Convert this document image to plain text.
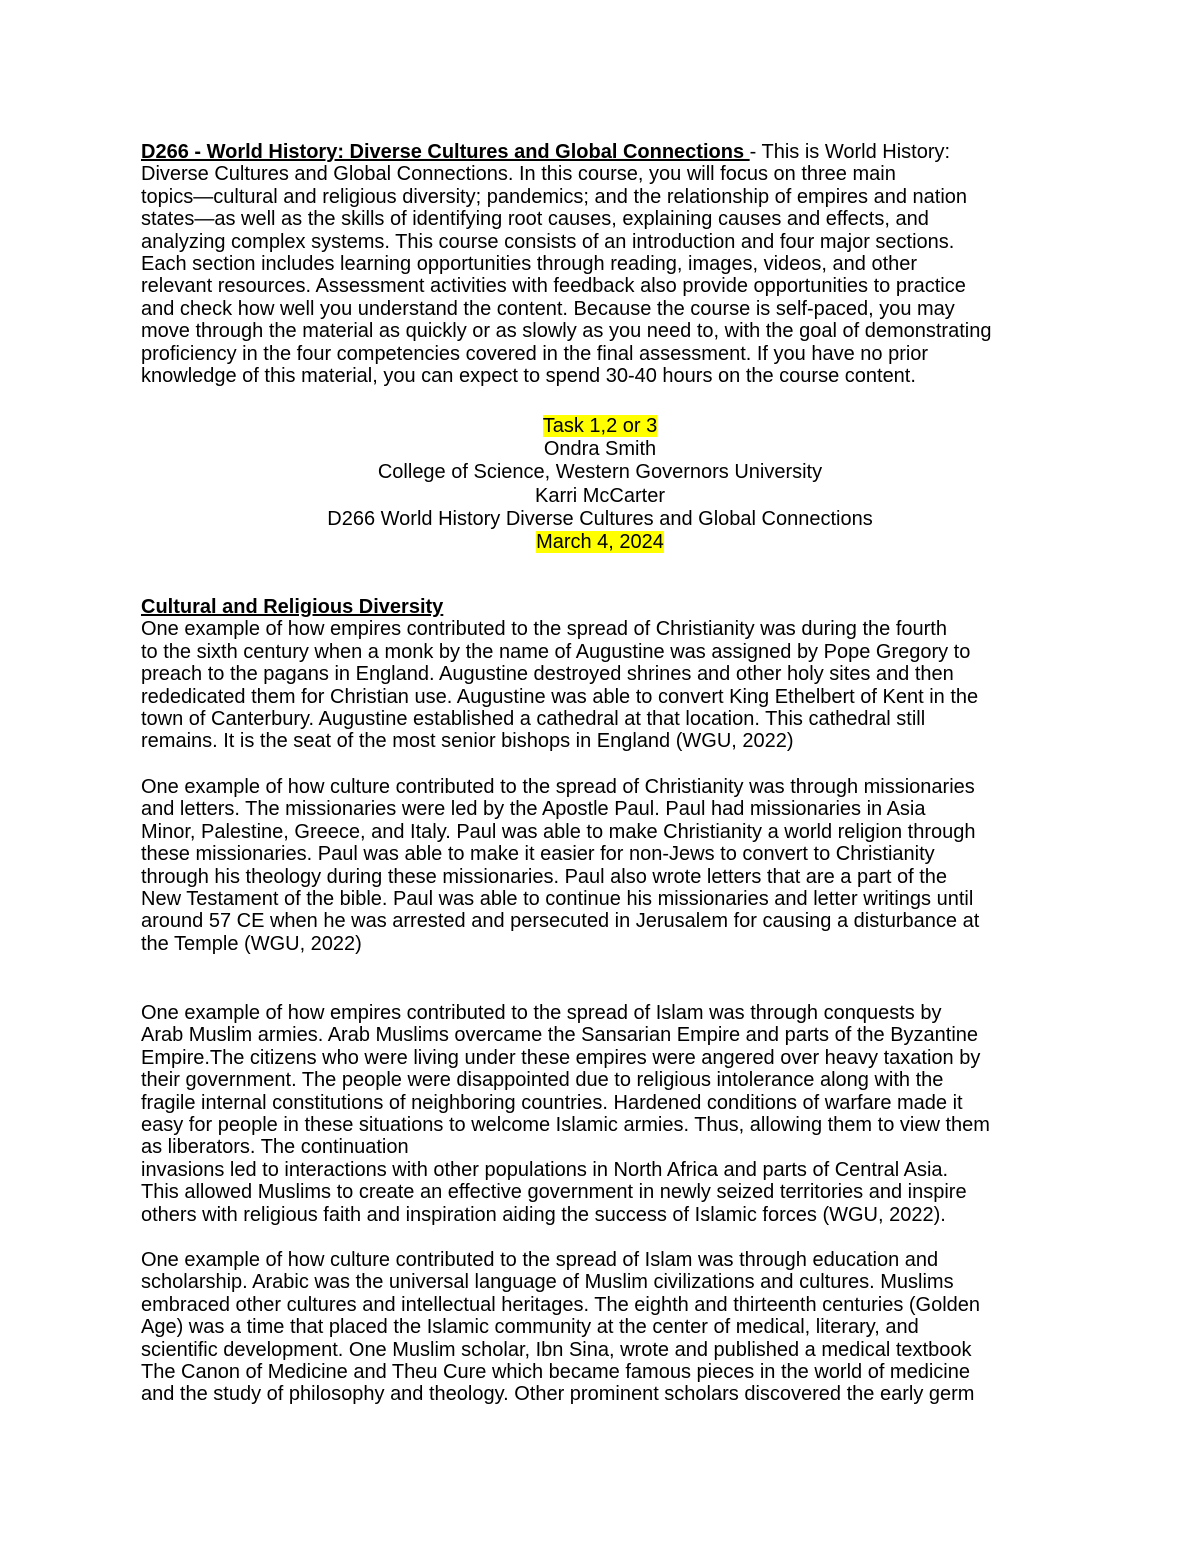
D266 - World History: Diverse Cultures and Global Connections - This is World History:
Diverse Cultures and Global Connections. In this course, you will focus on three main
topics—cultural and religious diversity; pandemics; and the relationship of empires and nation
states—as well as the skills of identifying root causes, explaining causes and effects, and
analyzing complex systems. This course consists of an introduction and four major sections.
Each section includes learning opportunities through reading, images, videos, and other
relevant resources. Assessment activities with feedback also provide opportunities to practice
and check how well you understand the content. Because the course is self-paced, you may
move through the material as quickly or as slowly as you need to, with the goal of demonstrating
proficiency in the four competencies covered in the final assessment. If you have no prior
knowledge of this material, you can expect to spend 30-40 hours on the course content.
Task 1,2 or 3
Ondra Smith
College of Science, Western Governors University
Karri McCarter
D266 World History Diverse Cultures and Global Connections
March 4, 2024
Cultural and Religious Diversity
One example of how empires contributed to the spread of Christianity was during the fourth
to the sixth century when a monk by the name of Augustine was assigned by Pope Gregory to
preach to the pagans in England. Augustine destroyed shrines and other holy sites and then
rededicated them for Christian use. Augustine was able to convert King Ethelbert of Kent in the
town of Canterbury. Augustine established a cathedral at that location. This cathedral still
remains. It is the seat of the most senior bishops in England (WGU, 2022)
One example of how culture contributed to the spread of Christianity was through missionaries
and letters. The missionaries were led by the Apostle Paul. Paul had missionaries in Asia
Minor, Palestine, Greece, and Italy. Paul was able to make Christianity a world religion through
these missionaries. Paul was able to make it easier for non-Jews to convert to Christianity
through his theology during these missionaries. Paul also wrote letters that are a part of the
New Testament of the bible. Paul was able to continue his missionaries and letter writings until
around 57 CE when he was arrested and persecuted in Jerusalem for causing a disturbance at
the Temple (WGU, 2022)
One example of how empires contributed to the spread of Islam was through conquests by
Arab Muslim armies. Arab Muslims overcame the Sansarian Empire and parts of the Byzantine
Empire.The citizens who were living under these empires were angered over heavy taxation by
their government. The people were disappointed due to religious intolerance along with the
fragile internal constitutions of neighboring countries. Hardened conditions of warfare made it
easy for people in these situations to welcome Islamic armies. Thus, allowing them to view them
as liberators. The continuation
invasions led to interactions with other populations in North Africa and parts of Central Asia.
This allowed Muslims to create an effective government in newly seized territories and inspire
others with religious faith and inspiration aiding the success of Islamic forces (WGU, 2022).
One example of how culture contributed to the spread of Islam was through education and
scholarship. Arabic was the universal language of Muslim civilizations and cultures. Muslims
embraced other cultures and intellectual heritages. The eighth and thirteenth centuries (Golden
Age) was a time that placed the Islamic community at the center of medical, literary, and
scientific development. One Muslim scholar, Ibn Sina, wrote and published a medical textbook
The Canon of Medicine and Theu Cure which became famous pieces in the world of medicine
and the study of philosophy and theology. Other prominent scholars discovered the early germ
